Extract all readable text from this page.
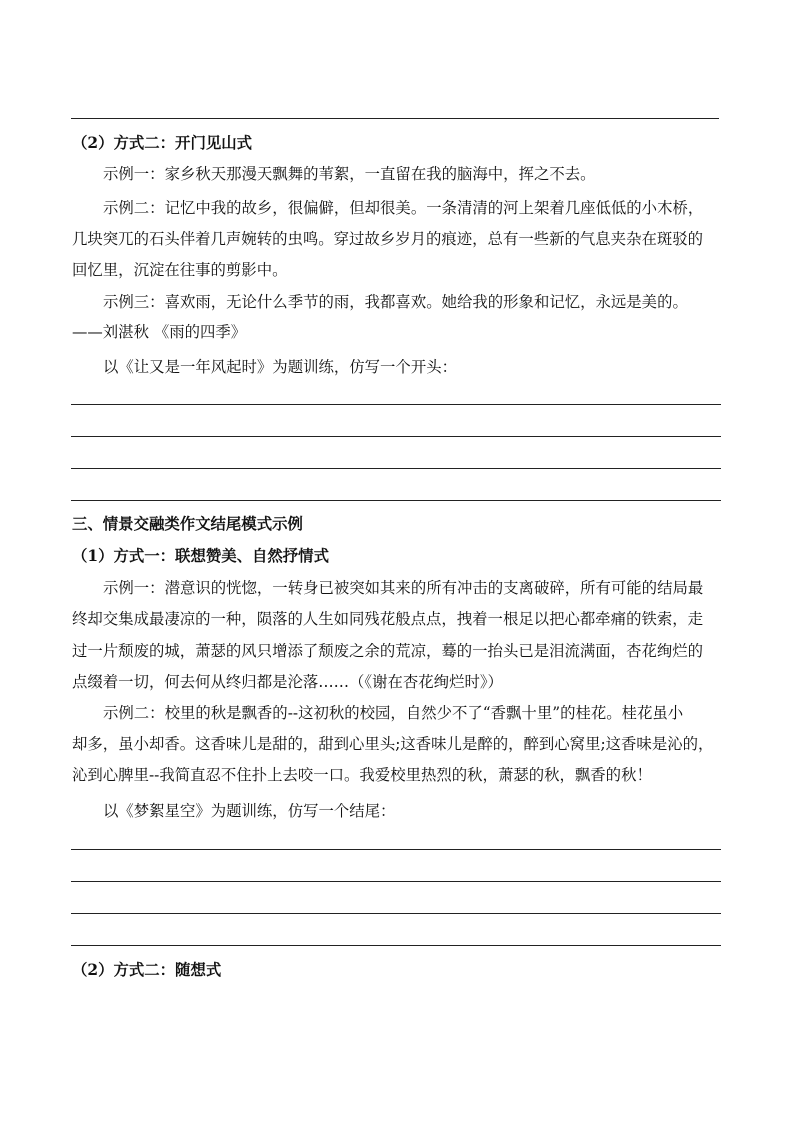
（2）方式二：开门见山式
示例一：家乡秋天那漫天飘舞的苇絮，一直留在我的脑海中，挥之不去。
示例二：记忆中我的故乡，很偏僻，但却很美。一条清清的河上架着几座低低的小木桥，
几块突兀的石头伴着几声婉转的虫鸣。穿过故乡岁月的痕迹，总有一些新的气息夹杂在斑驳的
回忆里，沉淀在往事的剪影中。
示例三：喜欢雨，无论什么季节的雨，我都喜欢。她给我的形象和记忆，永远是美的。
——刘湛秋 《雨的四季》
以《让又是一年风起时》为题训练，仿写一个开头：
三、情景交融类作文结尾模式示例
（1）方式一：联想赞美、自然抒情式
示例一：潜意识的恍惚，一转身已被突如其来的所有冲击的支离破碎，所有可能的结局最
终却交集成最凄凉的一种，陨落的人生如同残花般点点，拽着一根足以把心都牵痛的铁索，走
过一片颓废的城，萧瑟的风只增添了颓废之余的荒凉，蓦的一抬头已是泪流满面，杏花绚烂的
点缀着一切，何去何从终归都是沦落……（《谢在杏花绚烂时》）
示例二：校里的秋是飘香的--这初秋的校园，自然少不了“香飘十里”的桂花。桂花虽小
却多，虽小却香。这香味儿是甜的，甜到心里头;这香味儿是醉的，醉到心窝里;这香味是沁的，
沁到心脾里--我简直忍不住扑上去咬一口。我爱校里热烈的秋，萧瑟的秋，飘香的秋！
以《梦絮星空》为题训练，仿写一个结尾：
（2）方式二：随想式
